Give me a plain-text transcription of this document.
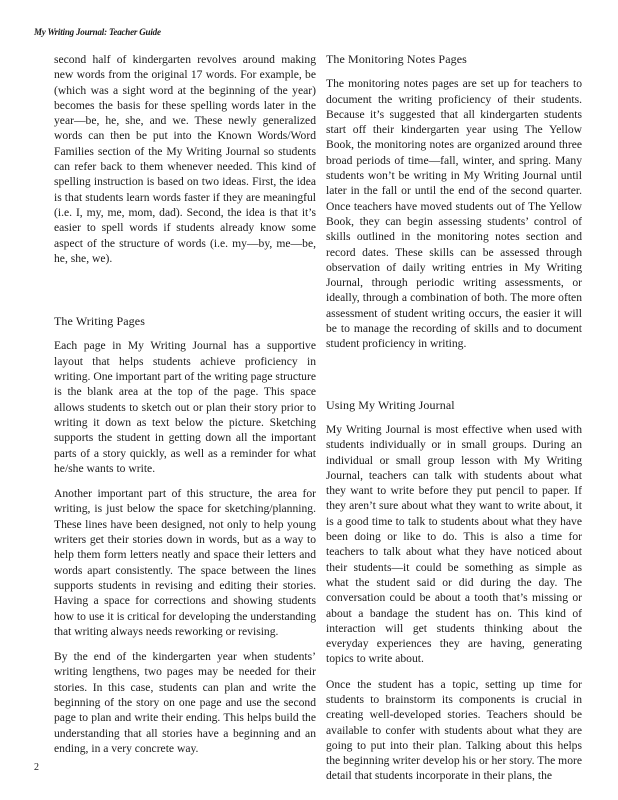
My Writing Journal: Teacher Guide

second half of kindergarten revolves around making new words from the original 17 words. For example, be (which was a sight word at the beginning of the year) becomes the basis for these spelling words later in the year—be, he, she, and we. These newly generalized words can then be put into the Known Words/Word Families section of the My Writing Journal so students can refer back to them whenever needed. This kind of spelling instruction is based on two ideas. First, the idea is that students learn words faster if they are meaningful (i.e. I, my, me, mom, dad). Second, the idea is that it’s easier to spell words if students already know some aspect of the structure of words (i.e. my—by, me—be, he, she, we).

The Writing Pages

Each page in My Writing Journal has a supportive layout that helps students achieve proficiency in writing. One important part of the writing page structure is the blank area at the top of the page. This space allows students to sketch out or plan their story prior to writing it down as text below the picture. Sketching supports the student in getting down all the important parts of a story quickly, as well as a reminder for what he/she wants to write.

Another important part of this structure, the area for writing, is just below the space for sketching/planning. These lines have been designed, not only to help young writers get their stories down in words, but as a way to help them form letters neatly and space their letters and words apart consistently. The space between the lines supports students in revising and editing their stories. Having a space for corrections and showing students how to use it is critical for developing the understanding that writing always needs reworking or revising.

By the end of the kindergarten year when students’ writing lengthens, two pages may be needed for their stories. In this case, students can plan and write the beginning of the story on one page and use the second page to plan and write their ending. This helps build the understanding that all stories have a beginning and an ending, in a very concrete way.

The Monitoring Notes Pages

The monitoring notes pages are set up for teachers to document the writing proficiency of their students. Because it’s suggested that all kindergarten students start off their kindergarten year using The Yellow Book, the monitoring notes are organized around three broad periods of time—fall, winter, and spring. Many students won’t be writing in My Writing Journal until later in the fall or until the end of the second quarter. Once teachers have moved students out of The Yellow Book, they can begin assessing students’ control of skills outlined in the monitoring notes section and record dates. These skills can be assessed through observation of daily writing entries in My Writing Journal, through periodic writing assessments, or ideally, through a combination of both. The more often assessment of student writing occurs, the easier it will be to manage the recording of skills and to document student proficiency in writing.

Using My Writing Journal

My Writing Journal is most effective when used with students individually or in small groups. During an individual or small group lesson with My Writing Journal, teachers can talk with students about what they want to write before they put pencil to paper. If they aren’t sure about what they want to write about, it is a good time to talk to students about what they have been doing or like to do. This is also a time for teachers to talk about what they have noticed about their students—it could be something as simple as what the student said or did during the day. The conversation could be about a tooth that’s missing or about a bandage the student has on. This kind of interaction will get students thinking about the everyday experiences they are having, generating topics to write about.

Once the student has a topic, setting up time for students to brainstorm its components is crucial in creating well-developed stories. Teachers should be available to confer with students about what they are going to put into their plan. Talking about this helps the beginning writer develop his or her story. The more detail that students incorporate in their plans, the

2
